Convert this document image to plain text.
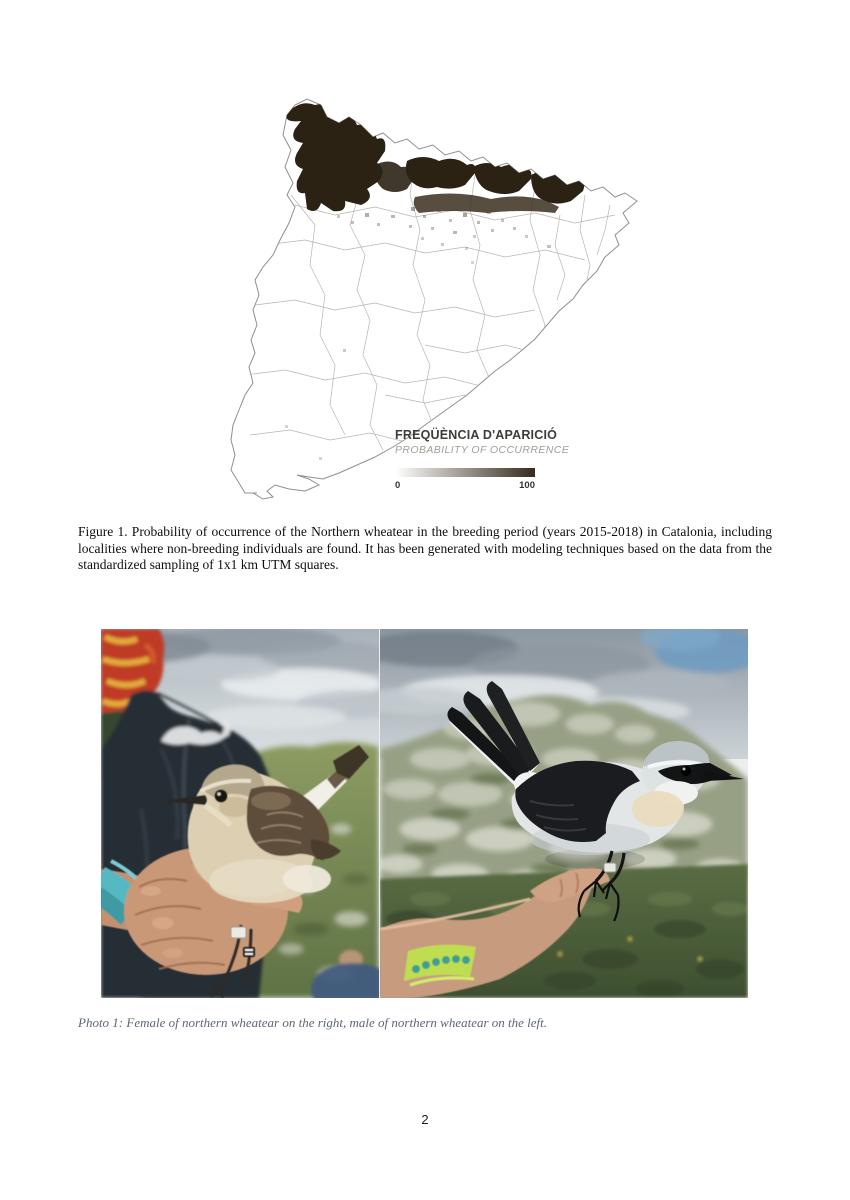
FREQÜÈNCIA D'APARICIÓ
PROBABILITY OF OCCURRENCE
0	100
Figure 1. Probability of occurrence of the Northern wheatear in the breeding period (years 2015-2018) in Catalonia, including localities where non-breeding individuals are found. It has been generated with modeling techniques based on the data from the standardized sampling of 1x1 km UTM squares.
Photo 1: Female of northern wheatear on the right, male of northern wheatear on the left.
2
